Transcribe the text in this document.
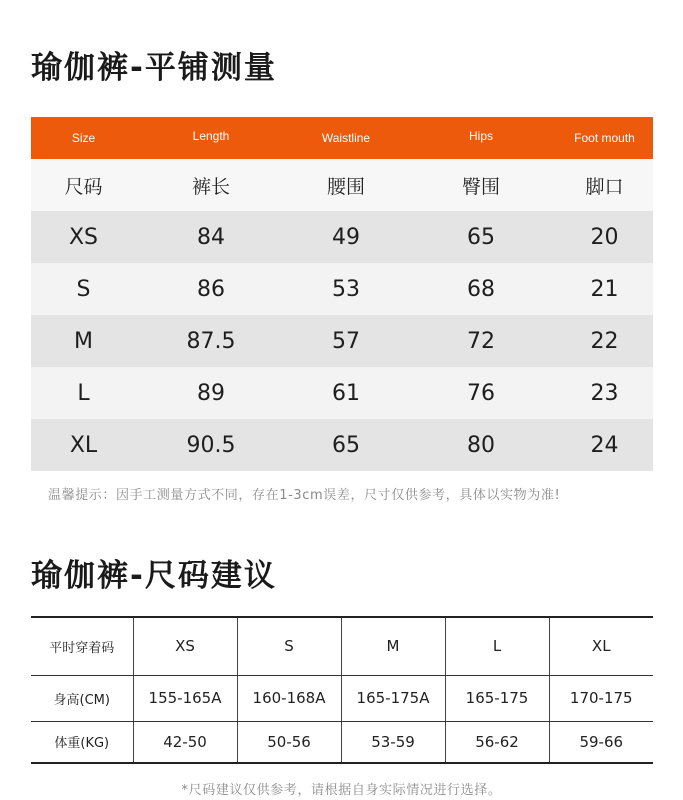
瑜伽裤-平铺测量
Size	Length	Waistline	Hips	Foot mouth
尺码	裤长	腰围	臀围	脚口
XS	84	49	65	20
S	86	53	68	21
M	87.5	57	72	22
L	89	61	76	23
XL	90.5	65	80	24
温馨提示：因手工测量方式不同，存在1-3cm误差，尺寸仅供参考，具体以实物为准!
瑜伽裤-尺码建议
平时穿着码	XS	S	M	L	XL
身高(CM)	155-165A	160-168A	165-175A	165-175	170-175
体重(KG)	42-50	50-56	53-59	56-62	59-66
*尺码建议仅供参考，请根据自身实际情况进行选择。
